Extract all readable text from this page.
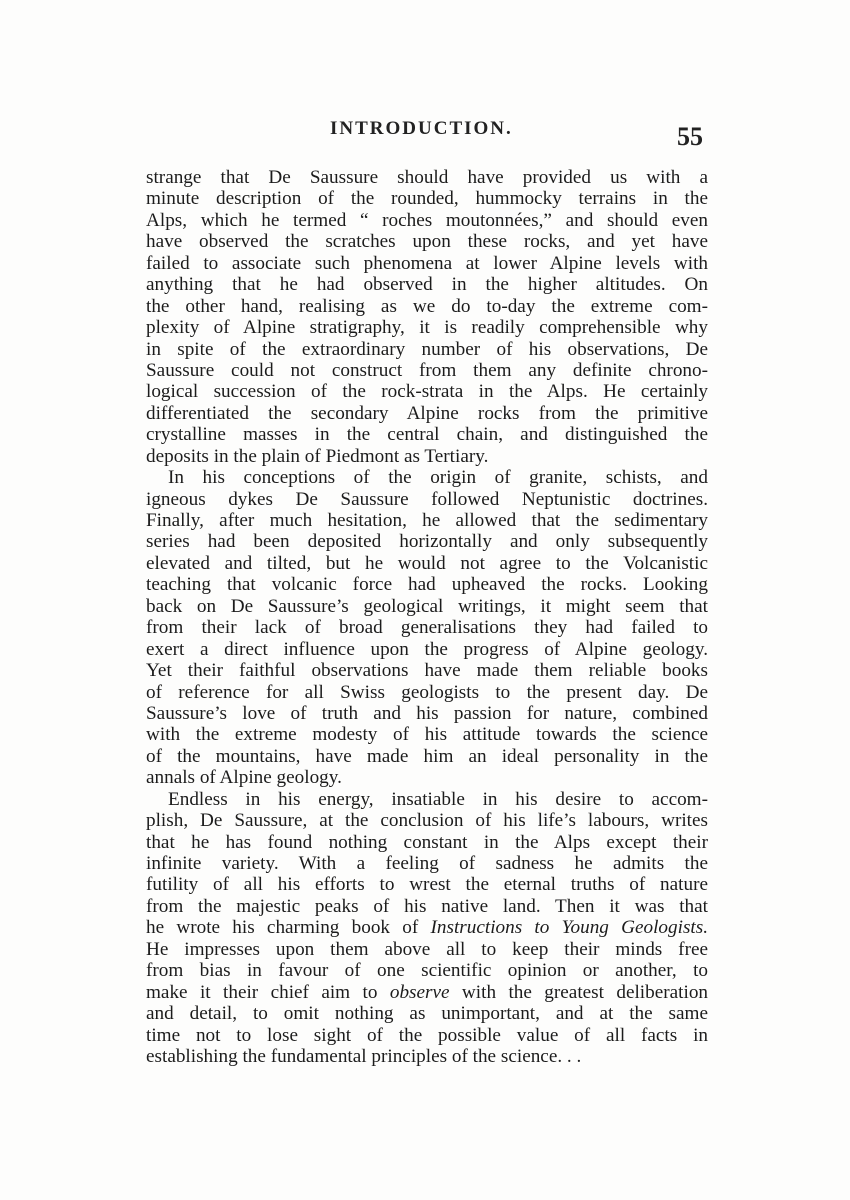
INTRODUCTION.	55
strange that De Saussure should have provided us with a
minute description of the rounded, hummocky terrains in the
Alps, which he termed “ roches moutonnées,” and should even
have observed the scratches upon these rocks, and yet have
failed to associate such phenomena at lower Alpine levels with
anything that he had observed in the higher altitudes. On
the other hand, realising as we do to-day the extreme com-
plexity of Alpine stratigraphy, it is readily comprehensible why
in spite of the extraordinary number of his observations, De
Saussure could not construct from them any definite chrono-
logical succession of the rock-strata in the Alps. He certainly
differentiated the secondary Alpine rocks from the primitive
crystalline masses in the central chain, and distinguished the
deposits in the plain of Piedmont as Tertiary.
In his conceptions of the origin of granite, schists, and
igneous dykes De Saussure followed Neptunistic doctrines.
Finally, after much hesitation, he allowed that the sedimentary
series had been deposited horizontally and only subsequently
elevated and tilted, but he would not agree to the Volcanistic
teaching that volcanic force had upheaved the rocks. Looking
back on De Saussure’s geological writings, it might seem that
from their lack of broad generalisations they had failed to
exert a direct influence upon the progress of Alpine geology.
Yet their faithful observations have made them reliable books
of reference for all Swiss geologists to the present day. De
Saussure’s love of truth and his passion for nature, combined
with the extreme modesty of his attitude towards the science
of the mountains, have made him an ideal personality in the
annals of Alpine geology.
Endless in his energy, insatiable in his desire to accom-
plish, De Saussure, at the conclusion of his life’s labours, writes
that he has found nothing constant in the Alps except their
infinite variety. With a feeling of sadness he admits the
futility of all his efforts to wrest the eternal truths of nature
from the majestic peaks of his native land. Then it was that
he wrote his charming book of Instructions to Young Geologists.
He impresses upon them above all to keep their minds free
from bias in favour of one scientific opinion or another, to
make it their chief aim to observe with the greatest deliberation
and detail, to omit nothing as unimportant, and at the same
time not to lose sight of the possible value of all facts in
establishing the fundamental principles of the science. . .
